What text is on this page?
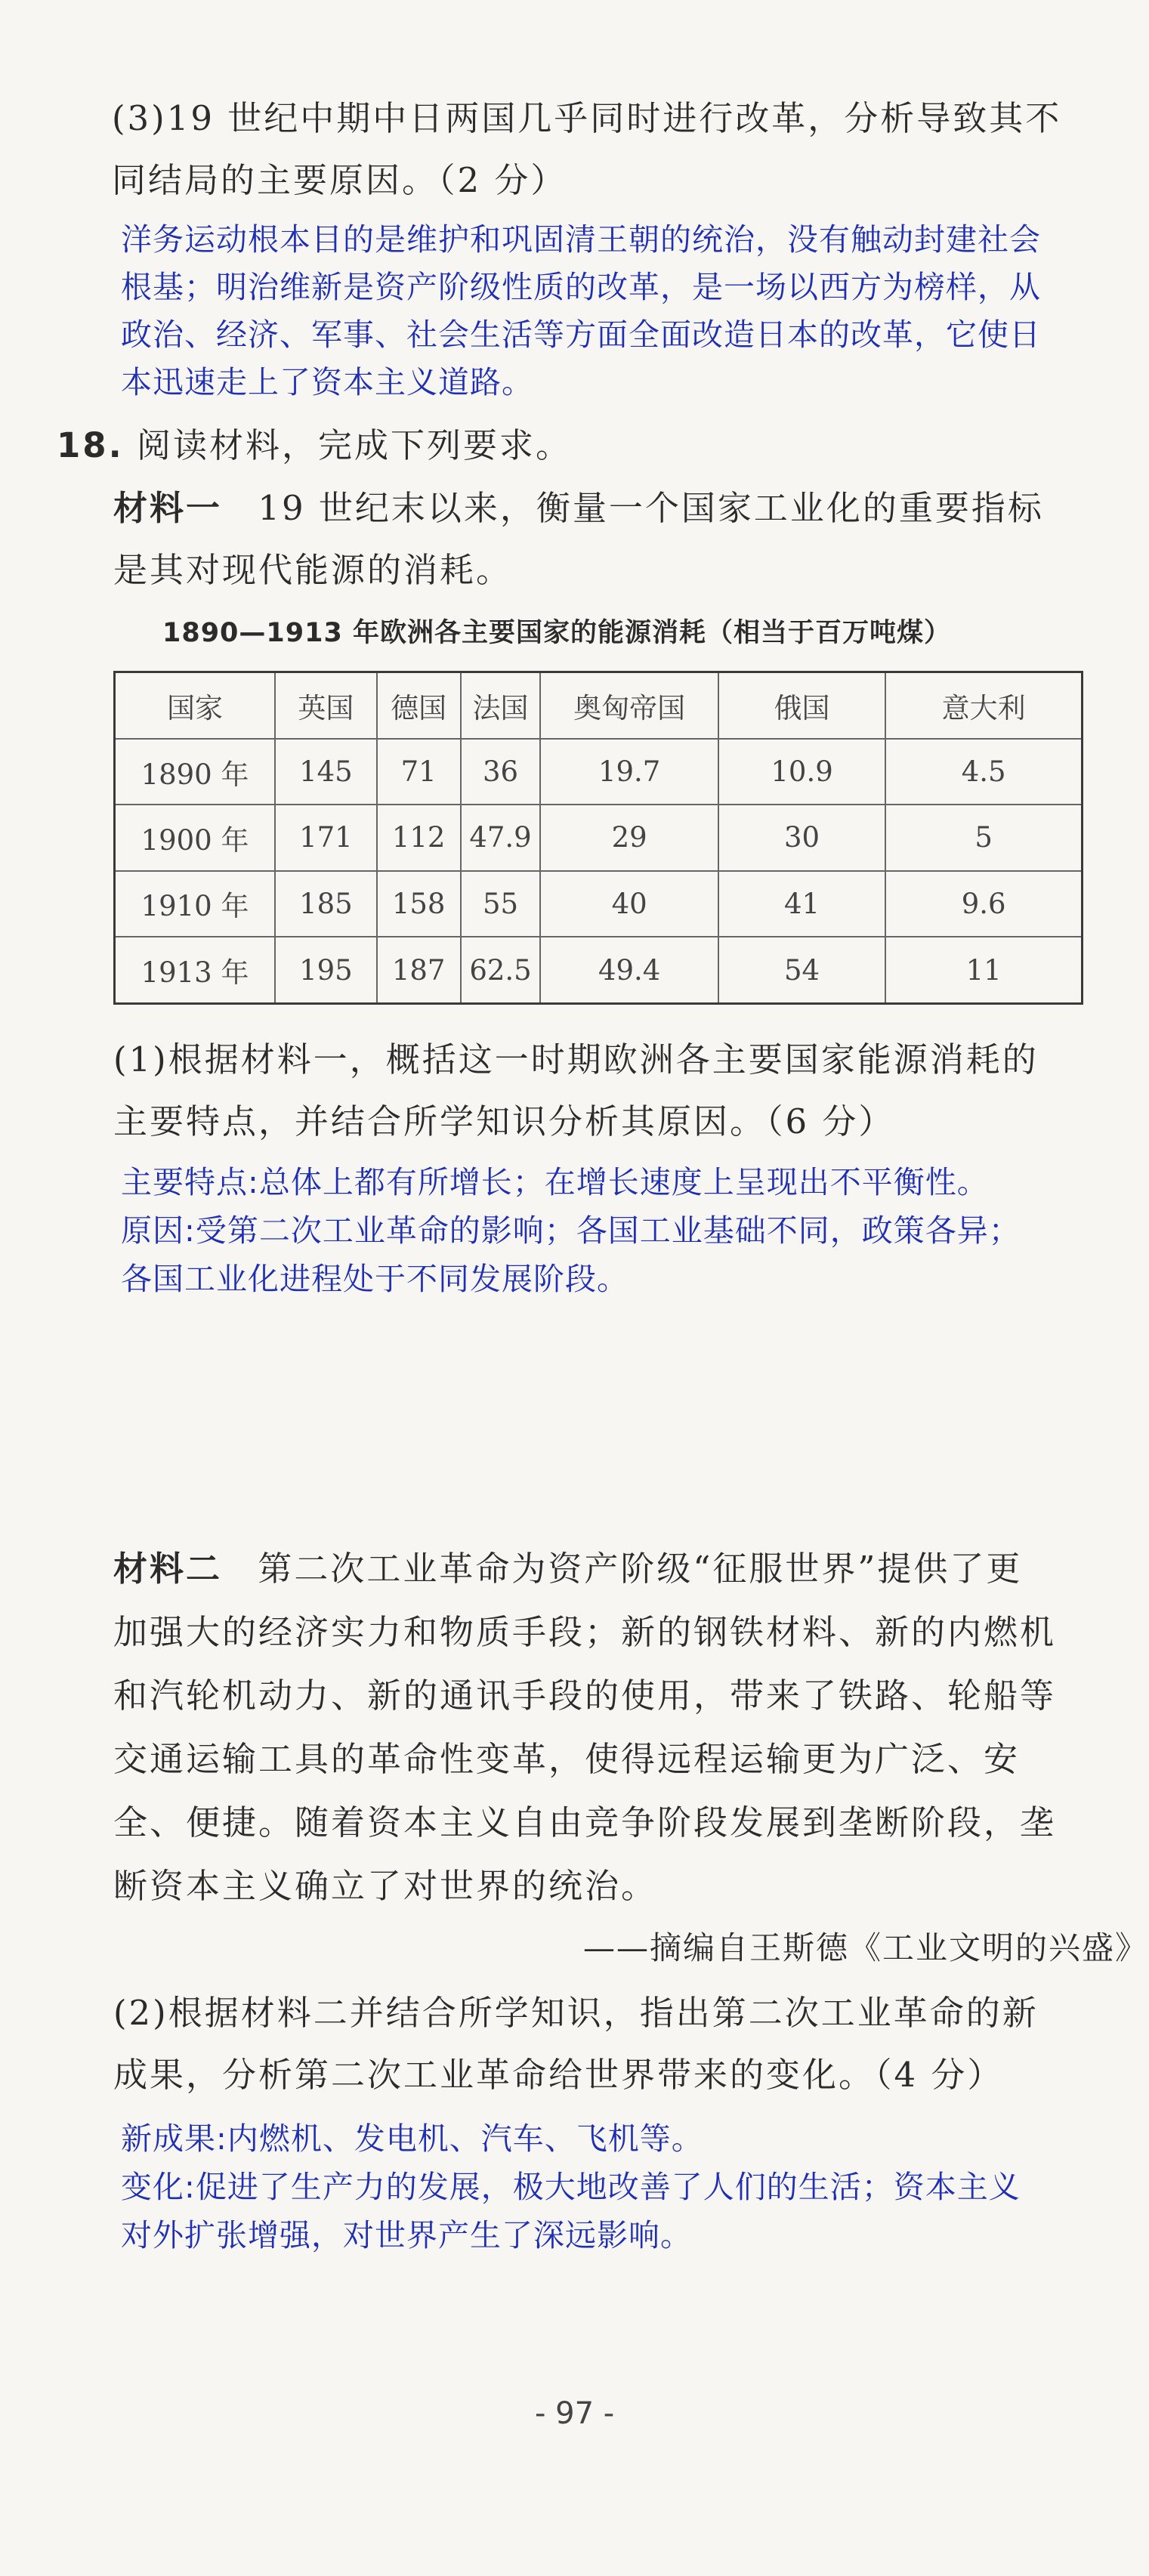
(3)19 世纪中期中日两国几乎同时进行改革，分析导致其不
同结局的主要原因。（2 分）
洋务运动根本目的是维护和巩固清王朝的统治，没有触动封建社会
根基；明治维新是资产阶级性质的改革，是一场以西方为榜样，从
政治、经济、军事、社会生活等方面全面改造日本的改革，它使日
本迅速走上了资本主义道路。
18. 阅读材料，完成下列要求。
材料一 19 世纪末以来，衡量一个国家工业化的重要指标
是其对现代能源的消耗。
1890—1913 年欧洲各主要国家的能源消耗（相当于百万吨煤）
国家	英国	德国	法国	奥匈帝国	俄国	意大利
1890 年	145	71	36	19.7	10.9	4.5
1900 年	171	112	47.9	29	30	5
1910 年	185	158	55	40	41	9.6
1913 年	195	187	62.5	49.4	54	11
(1)根据材料一，概括这一时期欧洲各主要国家能源消耗的
主要特点，并结合所学知识分析其原因。（6 分）
主要特点:总体上都有所增长；在增长速度上呈现出不平衡性。
原因:受第二次工业革命的影响；各国工业基础不同，政策各异；
各国工业化进程处于不同发展阶段。
材料二 第二次工业革命为资产阶级“征服世界”提供了更
加强大的经济实力和物质手段；新的钢铁材料、新的内燃机
和汽轮机动力、新的通讯手段的使用，带来了铁路、轮船等
交通运输工具的革命性变革，使得远程运输更为广泛、安
全、便捷。随着资本主义自由竞争阶段发展到垄断阶段，垄
断资本主义确立了对世界的统治。
——摘编自王斯德《工业文明的兴盛》
(2)根据材料二并结合所学知识，指出第二次工业革命的新
成果，分析第二次工业革命给世界带来的变化。（4 分）
新成果:内燃机、发电机、汽车、飞机等。
变化:促进了生产力的发展，极大地改善了人们的生活；资本主义
对外扩张增强，对世界产生了深远影响。
- 97 -
